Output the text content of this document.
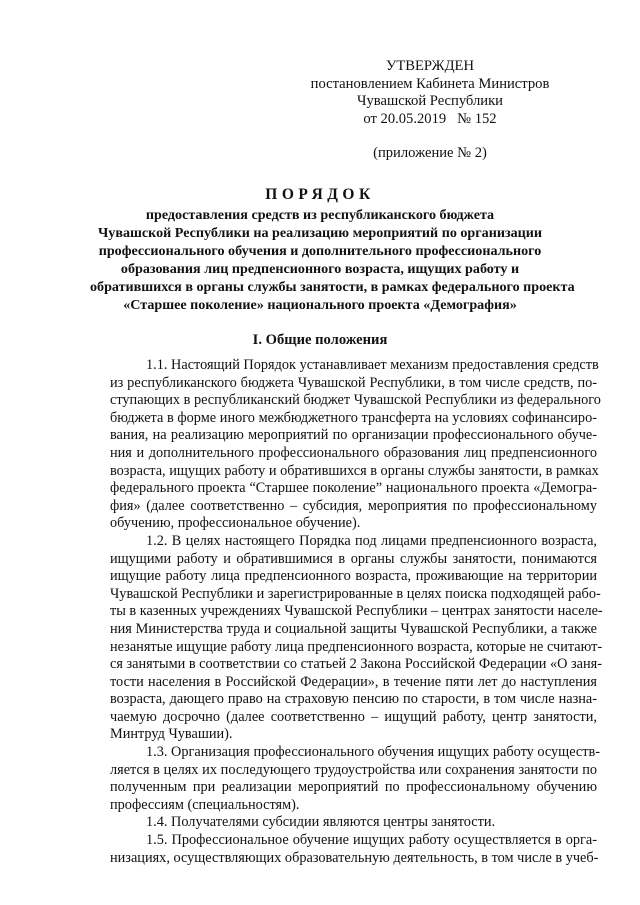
УТВЕРЖДЕН
постановлением Кабинета Министров
Чувашской Республики
от 20.05.2019   № 152
(приложение № 2)
ПОРЯДОК
предоставления средств из республиканского бюджета
Чувашской Республики на реализацию мероприятий по организации
профессионального обучения и дополнительного профессионального
образования лиц предпенсионного возраста, ищущих работу и
обратившихся в органы службы занятости, в рамках федерального проекта
«Старшее поколение» национального проекта «Демография»
I. Общие положения
1.1. Настоящий Порядок устанавливает механизм предоставления средств
из республиканского бюджета Чувашской Республики, в том числе средств, по-
ступающих в республиканский бюджет Чувашской Республики из федерального
бюджета в форме иного межбюджетного трансферта на условиях софинансиро-
вания, на реализацию мероприятий по организации профессионального обуче-
ния и дополнительного профессионального образования лиц предпенсионного
возраста, ищущих работу и обратившихся в органы службы занятости, в рамках
федерального проекта “Старшее поколение” национального проекта «Демогра-
фия» (далее соответственно – субсидия, мероприятия по профессиональному
обучению, профессиональное обучение).
1.2. В целях настоящего Порядка под лицами предпенсионного возраста,
ищущими работу и обратившимися в органы службы занятости, понимаются
ищущие работу лица предпенсионного возраста, проживающие на территории
Чувашской Республики и зарегистрированные в целях поиска подходящей рабо-
ты в казенных учреждениях Чувашской Республики – центрах занятости населе-
ния Министерства труда и социальной защиты Чувашской Республики, а также
незанятые ищущие работу лица предпенсионного возраста, которые не считают-
ся занятыми в соответствии со статьей 2 Закона Российской Федерации «О заня-
тости населения в Российской Федерации», в течение пяти лет до наступления
возраста, дающего право на страховую пенсию по старости, в том числе назна-
чаемую досрочно (далее соответственно – ищущий работу, центр занятости,
Минтруд Чувашии).
1.3. Организация профессионального обучения ищущих работу осуществ-
ляется в целях их последующего трудоустройства или сохранения занятости по
полученным при реализации мероприятий по профессиональному обучению
профессиям (специальностям).
1.4. Получателями субсидии являются центры занятости.
1.5. Профессиональное обучение ищущих работу осуществляется в орга-
низациях, осуществляющих образовательную деятельность, в том числе в учеб-
